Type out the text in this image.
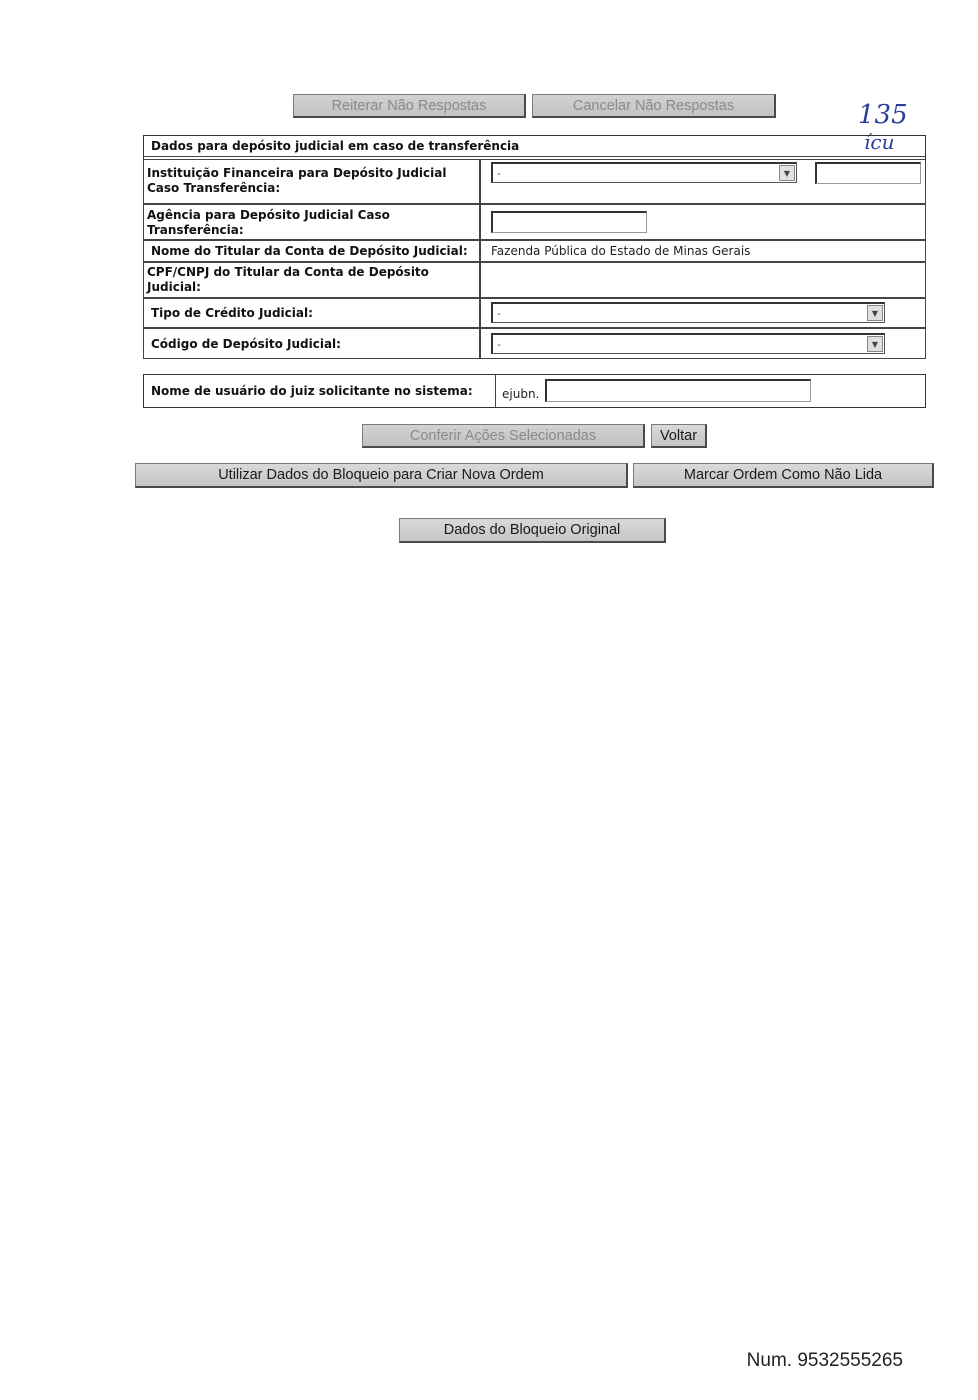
Reiterar Não Respostas	Cancelar Não Respostas	135
ícu
Dados para depósito judicial em caso de transferência
Instituição Financeira para Depósito Judicial Caso Transferência:
-	▼
Agência para Depósito Judicial Caso Transferência:
Nome do Titular da Conta de Depósito Judicial:	Fazenda Pública do Estado de Minas Gerais
CPF/CNPJ do Titular da Conta de Depósito Judicial:
Tipo de Crédito Judicial:	-	▼
Código de Depósito Judicial:	-	▼
Nome de usuário do juiz solicitante no sistema:	ejubn.
Conferir Ações Selecionadas	Voltar
Utilizar Dados do Bloqueio para Criar Nova Ordem	Marcar Ordem Como Não Lida
Dados do Bloqueio Original
Num. 9532555265
